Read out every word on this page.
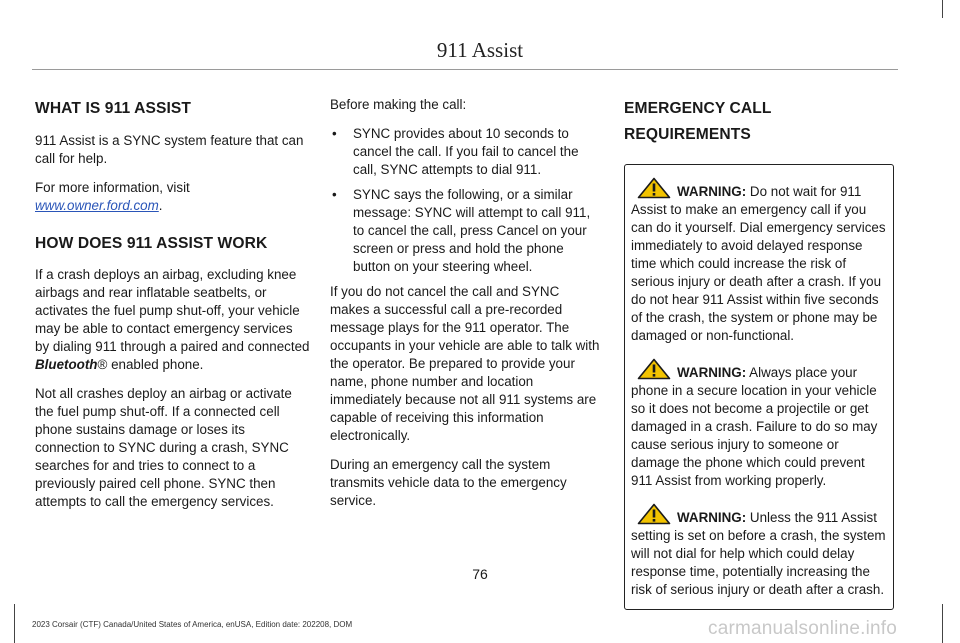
911 Assist
WHAT IS 911 ASSIST

911 Assist is a SYNC system feature that can call for help.

For more information, visit
www.owner.ford.com.

HOW DOES 911 ASSIST WORK

If a crash deploys an airbag, excluding knee airbags and rear inflatable seatbelts, or activates the fuel pump shut-off, your vehicle may be able to contact emergency services by dialing 911 through a paired and connected Bluetooth® enabled phone.

Not all crashes deploy an airbag or activate the fuel pump shut-off. If a connected cell phone sustains damage or loses its connection to SYNC during a crash, SYNC searches for and tries to connect to a previously paired cell phone. SYNC then attempts to call the emergency services.

Before making the call:

• SYNC provides about 10 seconds to cancel the call. If you fail to cancel the call, SYNC attempts to dial 911.
• SYNC says the following, or a similar message: SYNC will attempt to call 911, to cancel the call, press Cancel on your screen or press and hold the phone button on your steering wheel.

If you do not cancel the call and SYNC makes a successful call a pre-recorded message plays for the 911 operator. The occupants in your vehicle are able to talk with the operator. Be prepared to provide your name, phone number and location immediately because not all 911 systems are capable of receiving this information electronically.

During an emergency call the system transmits vehicle data to the emergency service.

EMERGENCY CALL
REQUIREMENTS

WARNING: Do not wait for 911 Assist to make an emergency call if you can do it yourself. Dial emergency services immediately to avoid delayed response time which could increase the risk of serious injury or death after a crash. If you do not hear 911 Assist within five seconds of the crash, the system or phone may be damaged or non-functional.

WARNING: Always place your phone in a secure location in your vehicle so it does not become a projectile or get damaged in a crash. Failure to do so may cause serious injury to someone or damage the phone which could prevent 911 Assist from working properly.

WARNING: Unless the 911 Assist setting is set on before a crash, the system will not dial for help which could delay response time, potentially increasing the risk of serious injury or death after a crash.

76
2023 Corsair (CTF) Canada/United States of America, enUSA, Edition date: 202208, DOM	carmanualsonline.info
